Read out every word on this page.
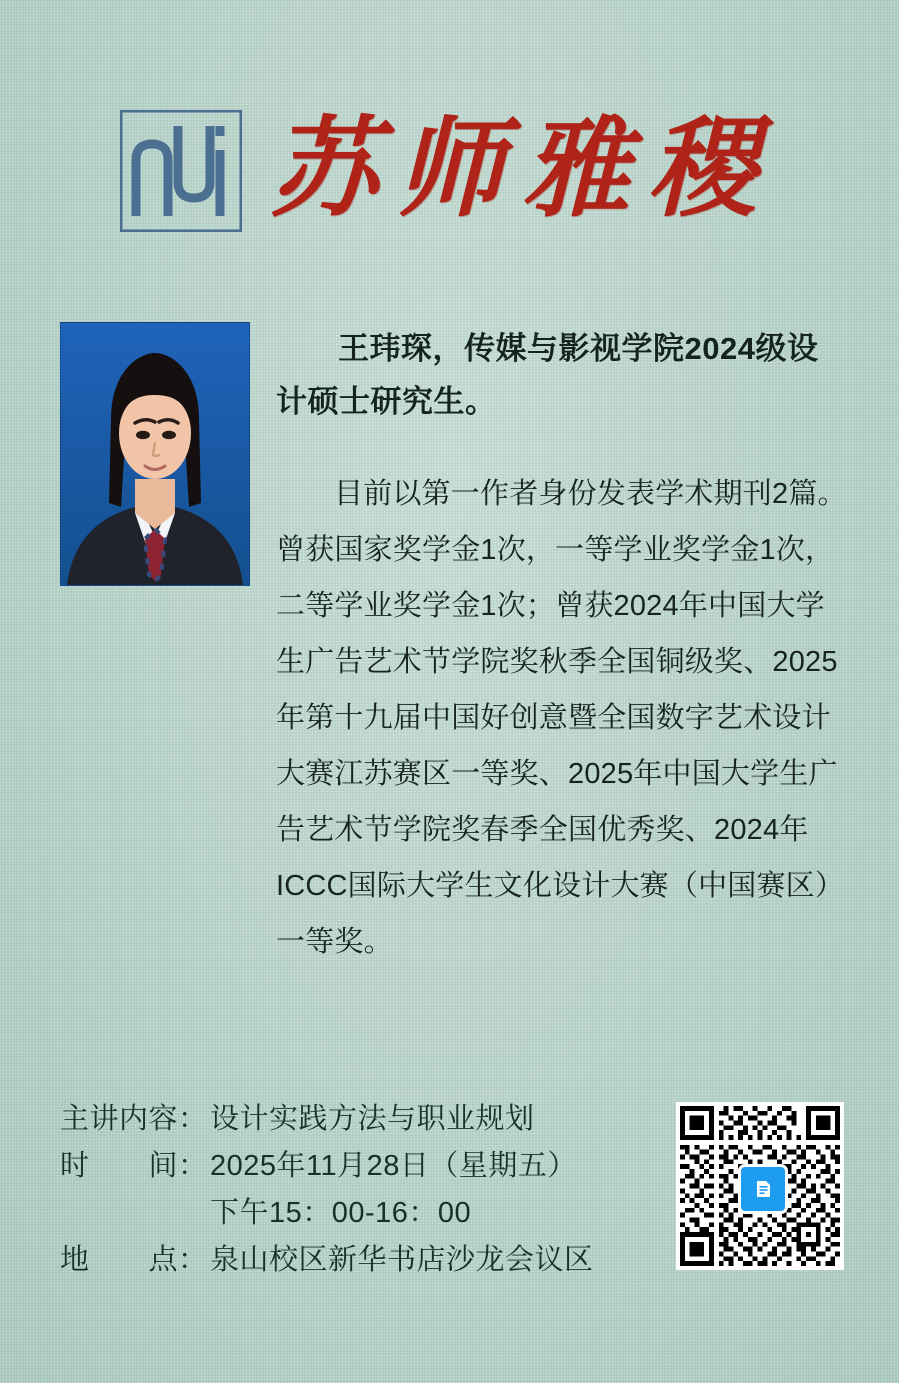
苏师雅稷
王玮琛，传媒与影视学院2024级设计硕士研究生。
目前以第一作者身份发表学术期刊2篇。曾获国家奖学金1次，一等学业奖学金1次，二等学业奖学金1次；曾获2024年中国大学生广告艺术节学院奖秋季全国铜级奖、2025年第十九届中国好创意暨全国数字艺术设计大赛江苏赛区一等奖、2025年中国大学生广告艺术节学院奖春季全国优秀奖、2024年ICCC国际大学生文化设计大赛（中国赛区）一等奖。
主讲内容：设计实践方法与职业规划
时　　间：2025年11月28日（星期五）
下午15：00-16：00
地　　点：泉山校区新华书店沙龙会议区
